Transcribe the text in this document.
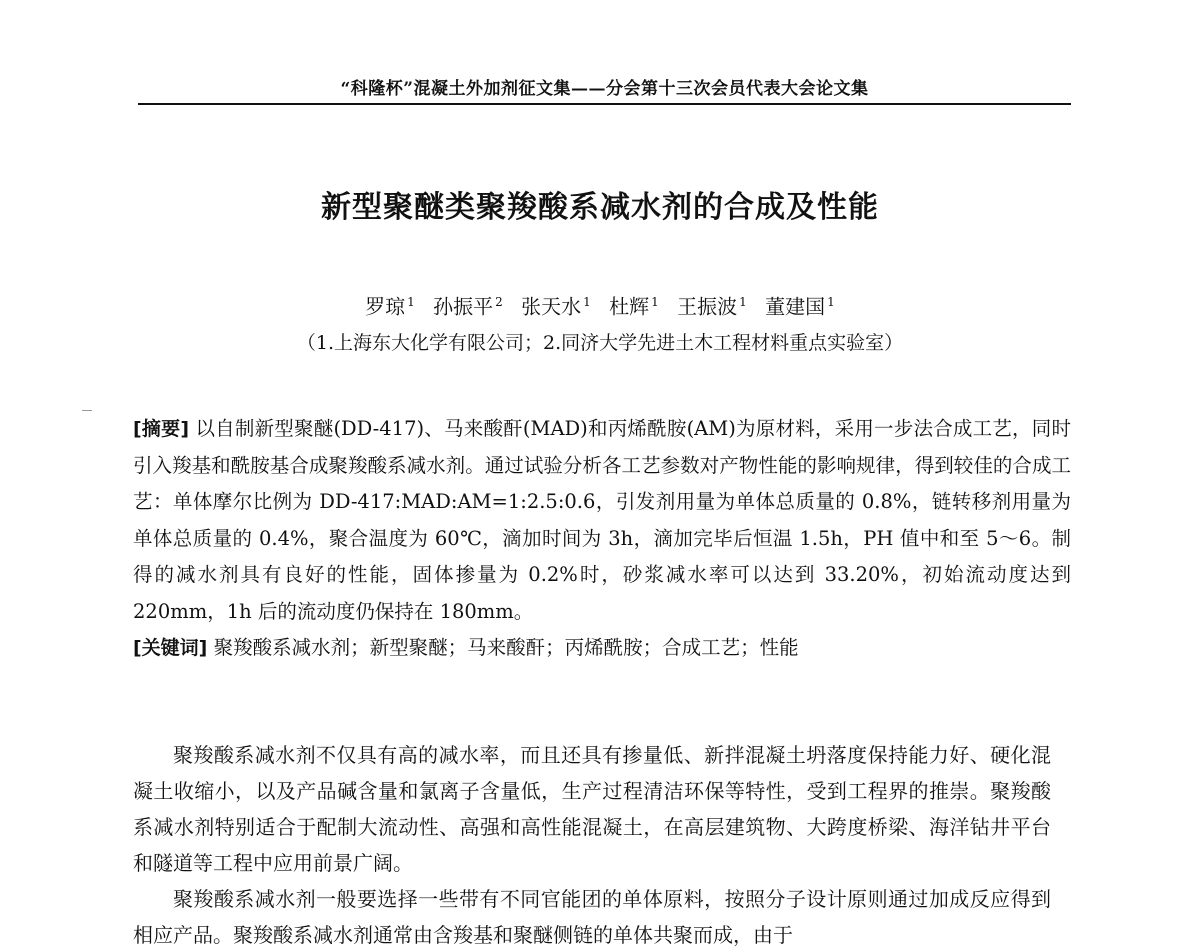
“科隆杯”混凝土外加剂征文集——分会第十三次会员代表大会论文集
新型聚醚类聚羧酸系减水剂的合成及性能
罗琼 $^1$ 孙振平 $^2$ 张天水 $^1$ 杜辉 $^1$ 王振波 $^1$ 董建国 $^1$
（1.上海东大化学有限公司；2.同济大学先进土木工程材料重点实验室）

[摘要] 以自制新型聚醚(DD-417)、马来酸酐(MAD)和丙烯酰胺(AM)为原材料，采用一步法合成工艺，同时引入羧基和酰胺基合成聚羧酸系减水剂。通过试验分析各工艺参数对产物性能的影响规律，得到较佳的合成工艺：单体摩尔比例为 DD-417:MAD:AM=1:2.5:0.6，引发剂用量为单体总质量的 0.8%，链转移剂用量为单体总质量的 0.4%，聚合温度为 60℃，滴加时间为 3h，滴加完毕后恒温 1.5h，PH 值中和至 5～6。制得的减水剂具有良好的性能，固体掺量为 0.2%时，砂浆减水率可以达到 33.20%，初始流动度达到 220mm，1h 后的流动度仍保持在 180mm。

[关键词] 聚羧酸系减水剂；新型聚醚；马来酸酐；丙烯酰胺；合成工艺；性能

聚羧酸系减水剂不仅具有高的减水率，而且还具有掺量低、新拌混凝土坍落度保持能力好、硬化混凝土收缩小，以及产品碱含量和氯离子含量低，生产过程清洁环保等特性，受到工程界的推崇。聚羧酸系减水剂特别适合于配制大流动性、高强和高性能混凝土，在高层建筑物、大跨度桥梁、海洋钻井平台和隧道等工程中应用前景广阔。

聚羧酸系减水剂一般要选择一些带有不同官能团的单体原料，按照分子设计原则通过加成反应得到相应产品。聚羧酸系减水剂通常由含羧基和聚醚侧链的单体共聚而成，由于
